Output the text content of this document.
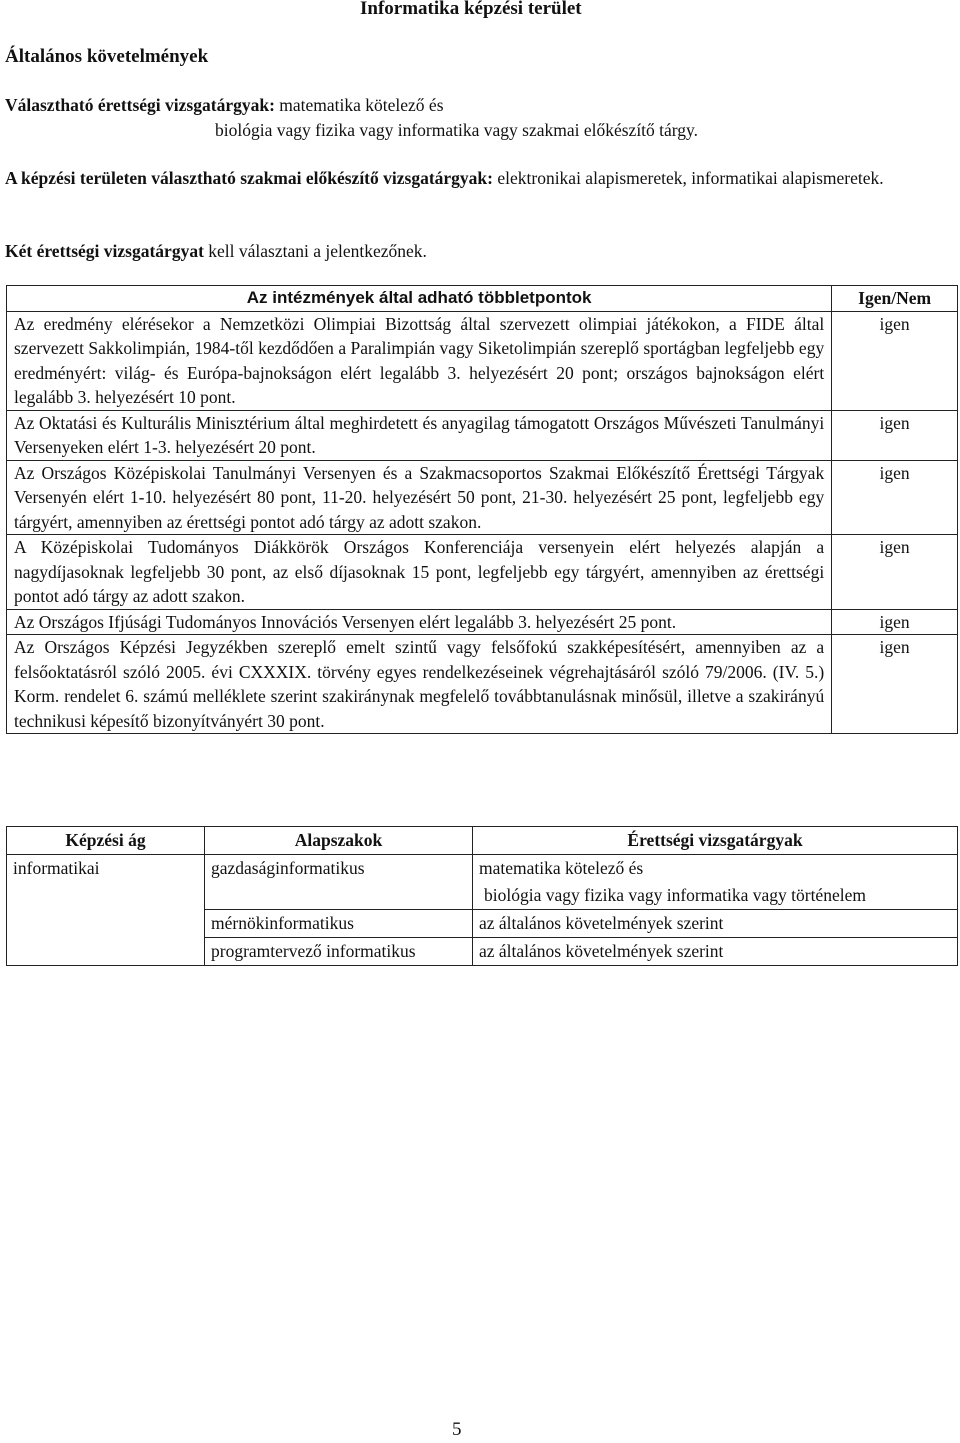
Informatika képzési terület
Általános követelmények
Választható érettségi vizsgatárgyak: matematika kötelező és
biológia vagy fizika vagy informatika vagy szakmai előkészítő tárgy.
A képzési területen választható szakmai előkészítő vizsgatárgyak: elektronikai alapismeretek, informatikai alapismeretek.
Két érettségi vizsgatárgyat kell választani a jelentkezőnek.
Az intézmények által adható többletpontok	Igen/Nem
Az eredmény elérésekor a Nemzetközi Olimpiai Bizottság által szervezett olimpiai játékokon, a FIDE által szervezett Sakkolimpián, 1984-től kezdődően a Paralimpián vagy Siketolimpián szereplő sportágban legfeljebb egy eredményért: világ- és Európa-bajnokságon elért legalább 3. helyezésért 20 pont; országos bajnokságon elért legalább 3. helyezésért 10 pont.	igen
Az Oktatási és Kulturális Minisztérium által meghirdetett és anyagilag támogatott Országos Művészeti Tanulmányi Versenyeken elért 1-3. helyezésért 20 pont.	igen
Az Országos Középiskolai Tanulmányi Versenyen és a Szakmacsoportos Szakmai Előkészítő Érettségi Tárgyak Versenyén elért 1-10. helyezésért 80 pont, 11-20. helyezésért 50 pont, 21-30. helyezésért 25 pont, legfeljebb egy tárgyért, amennyiben az érettségi pontot adó tárgy az adott szakon.	igen
A Középiskolai Tudományos Diákkörök Országos Konferenciája versenyein elért helyezés alapján a nagydíjasoknak legfeljebb 30 pont, az első díjasoknak 15 pont, legfeljebb egy tárgyért, amennyiben az érettségi pontot adó tárgy az adott szakon.	igen
Az Országos Ifjúsági Tudományos Innovációs Versenyen elért legalább 3. helyezésért 25 pont.	igen
Az Országos Képzési Jegyzékben szereplő emelt szintű vagy felsőfokú szakképesítésért, amennyiben az a felsőoktatásról szóló 2005. évi CXXXIX. törvény egyes rendelkezéseinek végrehajtásáról szóló 79/2006. (IV. 5.) Korm. rendelet 6. számú melléklete szerint szakiránynak megfelelő továbbtanulásnak minősül, illetve a szakirányú technikusi képesítő bizonyítványért 30 pont.	igen
Képzési ág	Alapszakok	Érettségi vizsgatárgyak
informatikai	gazdaságinformatikus	matematika kötelező és
biológia vagy fizika vagy informatika vagy történelem

	mérnökinformatikus	az általános követelmények szerint
	programtervező informatikus	az általános követelmények szerint
5
